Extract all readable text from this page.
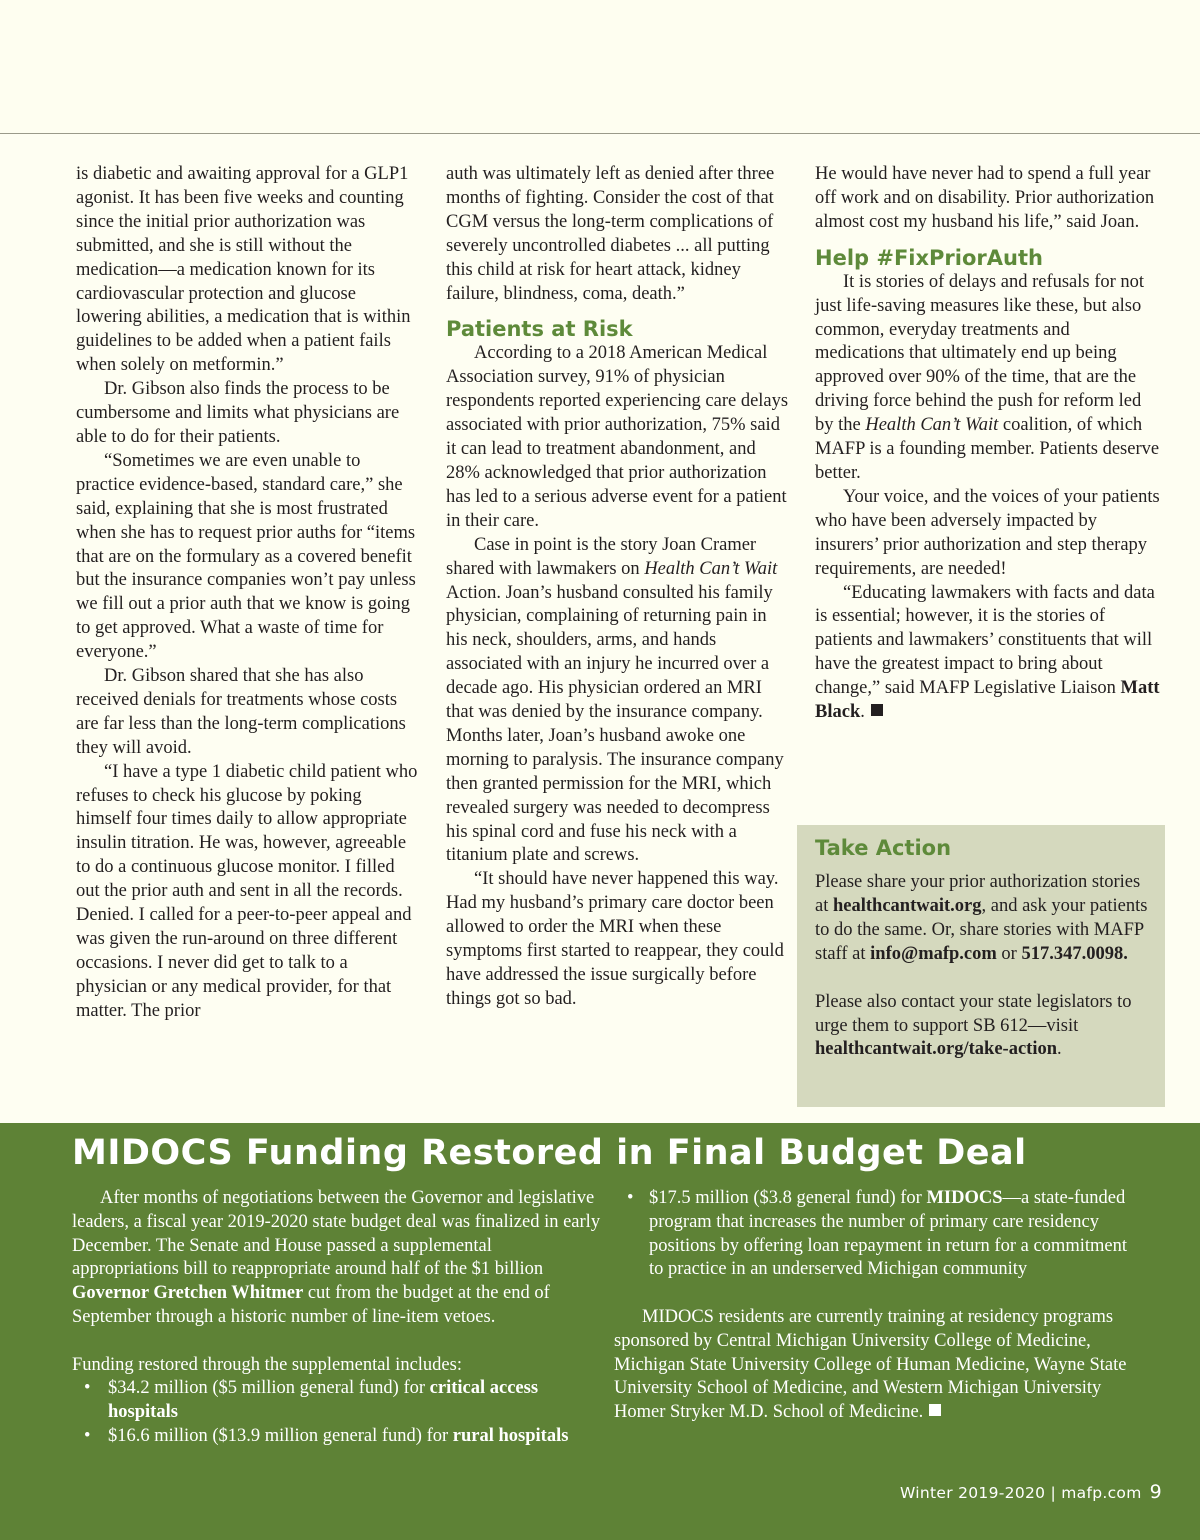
is diabetic and awaiting approval for a GLP1 agonist. It has been five weeks and counting since the initial prior authorization was submitted, and she is still without the medication—a medication known for its cardiovascular protection and glucose lowering abilities, a medication that is within guidelines to be added when a patient fails when solely on metformin.”

Dr. Gibson also finds the process to be cumbersome and limits what physicians are able to do for their patients.

“Sometimes we are even unable to practice evidence-based, standard care,” she said, explaining that she is most frustrated when she has to request prior auths for “items that are on the formulary as a covered benefit but the insurance companies won’t pay unless we fill out a prior auth that we know is going to get approved. What a waste of time for everyone.”

Dr. Gibson shared that she has also received denials for treatments whose costs are far less than the long-term complications they will avoid.

“I have a type 1 diabetic child patient who refuses to check his glucose by poking himself four times daily to allow appropriate insulin titration. He was, however, agreeable to do a continuous glucose monitor. I filled out the prior auth and sent in all the records. Denied. I called for a peer-to-peer appeal and was given the run-around on three different occasions. I never did get to talk to a physician or any medical provider, for that matter. The prior

auth was ultimately left as denied after three months of fighting. Consider the cost of that CGM versus the long-term complications of severely uncontrolled diabetes ... all putting this child at risk for heart attack, kidney failure, blindness, coma, death.”

Patients at Risk

According to a 2018 American Medical Association survey, 91% of physician respondents reported experiencing care delays associated with prior authorization, 75% said it can lead to treatment abandonment, and 28% acknowledged that prior authorization has led to a serious adverse event for a patient in their care.

Case in point is the story Joan Cramer shared with lawmakers on Health Can’t Wait Action. Joan’s husband consulted his family physician, complaining of returning pain in his neck, shoulders, arms, and hands associated with an injury he incurred over a decade ago. His physician ordered an MRI that was denied by the insurance company. Months later, Joan’s husband awoke one morning to paralysis. The insurance company then granted permission for the MRI, which revealed surgery was needed to decompress his spinal cord and fuse his neck with a titanium plate and screws.

“It should have never happened this way. Had my husband’s primary care doctor been allowed to order the MRI when these symptoms first started to reappear, they could have addressed the issue surgically before things got so bad.

He would have never had to spend a full year off work and on disability. Prior authorization almost cost my husband his life,” said Joan.

Help #FixPriorAuth

It is stories of delays and refusals for not just life-saving measures like these, but also common, everyday treatments and medications that ultimately end up being approved over 90% of the time, that are the driving force behind the push for reform led by the Health Can’t Wait coalition, of which MAFP is a founding member. Patients deserve better.

Your voice, and the voices of your patients who have been adversely impacted by insurers’ prior authorization and step therapy requirements, are needed!

“Educating lawmakers with facts and data is essential; however, it is the stories of patients and lawmakers’ constituents that will have the greatest impact to bring about change,” said MAFP Legislative Liaison Matt Black.

Take Action

Please share your prior authorization stories at healthcantwait.org, and ask your patients to do the same. Or, share stories with MAFP staff at info@mafp.com or 517.347.0098.

Please also contact your state legislators to urge them to support SB 612—visit healthcantwait.org/take-action.

MIDOCS Funding Restored in Final Budget Deal

After months of negotiations between the Governor and legislative leaders, a fiscal year 2019-2020 state budget deal was finalized in early December. The Senate and House passed a supplemental appropriations bill to reappropriate around half of the $1 billion Governor Gretchen Whitmer cut from the budget at the end of September through a historic number of line-item vetoes.

Funding restored through the supplemental includes:

• $34.2 million ($5 million general fund) for critical access hospitals
• $16.6 million ($13.9 million general fund) for rural hospitals
• $17.5 million ($3.8 general fund) for MIDOCS—a state-funded program that increases the number of primary care residency positions by offering loan repayment in return for a commitment to practice in an underserved Michigan community

MIDOCS residents are currently training at residency programs sponsored by Central Michigan University College of Medicine, Michigan State University College of Human Medicine, Wayne State University School of Medicine, and Western Michigan University Homer Stryker M.D. School of Medicine.

Winter 2019-2020 | mafp.com 9
